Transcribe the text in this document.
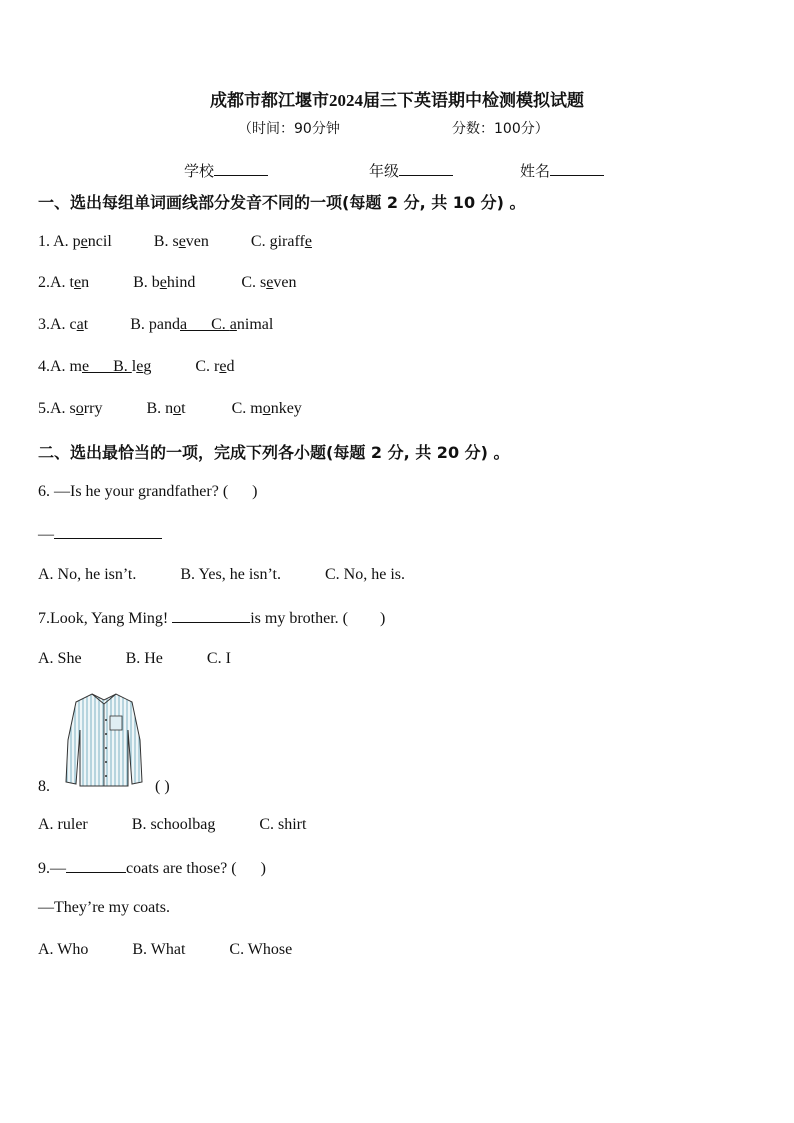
成都市都江堰市2024届三下英语期中检测模拟试题
（时间：90分钟	分数：100分）
学校	年级	姓名
一、选出每组单词画线部分发音不同的一项(每题 2 分, 共 10 分) 。
1. A. pencil	B. seven	C. giraffe
2.A. ten	B. behind	C. seven
3.A. cat	B. panda      C. animal
4.A. me      B. leg	C. red
5.A. sorry	B. not	C. monkey
二、选出最恰当的一项，完成下列各小题(每题 2 分, 共 20 分) 。
6. —Is he your grandfather? (      )
—
A. No, he isn’t.	B. Yes, he isn’t.	C. No, he is.
7.Look, Yang Ming!	is my brother. (        )
A. She	B. He	C. I
8.	( )
A. ruler	B. schoolbag	C. shirt
9.—	coats are those? (      )
—They’re my coats.
A. Who	B. What	C. Whose
